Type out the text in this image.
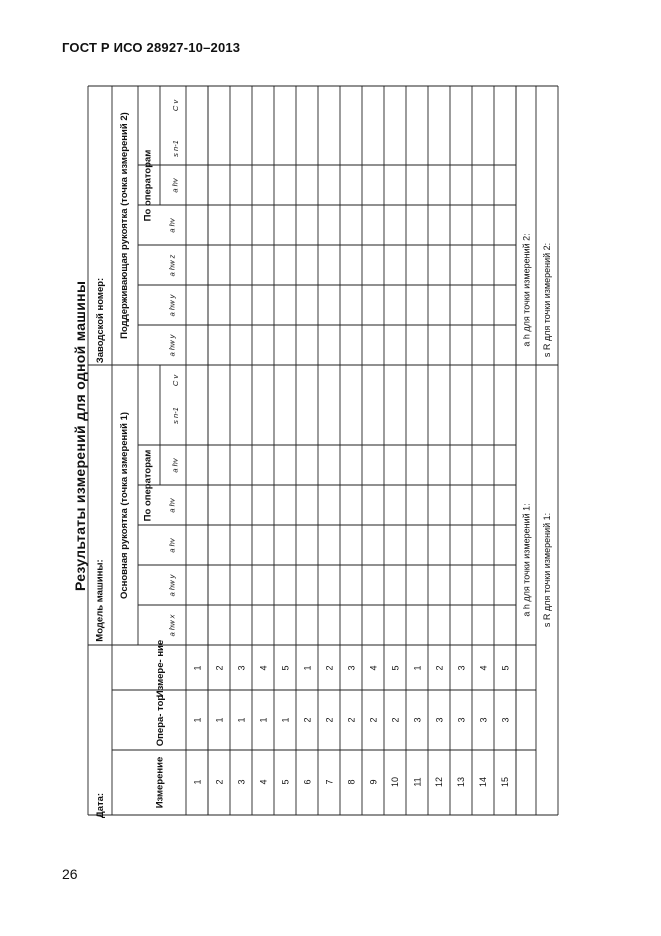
ГОСТ Р ИСО 28927-10–2013
Результаты измерений для одной машины
Дата:
Модель машины:
Заводской номер:
Основная рукоятка (точка измерений 1)
Поддерживающая рукоятка (точка измерений 2)
Измерение
Опера- тор
Измере- ние
По операторам
По операторам
a hw x
a hw y
a hv
a hv
a hw y
a hw y
a hw z
a hv
a hv
s n-1
C v
a hv
s n-1
C v
1
1
1
2
1
2
3
1
3
4
1
4
5
1
5
6
2
1
7
2
2
8
2
3
9
2
4
10
2
5
11
3
1
12
3
2
13
3
3
14
3
4
15
3
5
a h для точки измерений 1: s R для точки измерений 1:
a h для точки измерений 2: s R для точки измерений 2:
26
